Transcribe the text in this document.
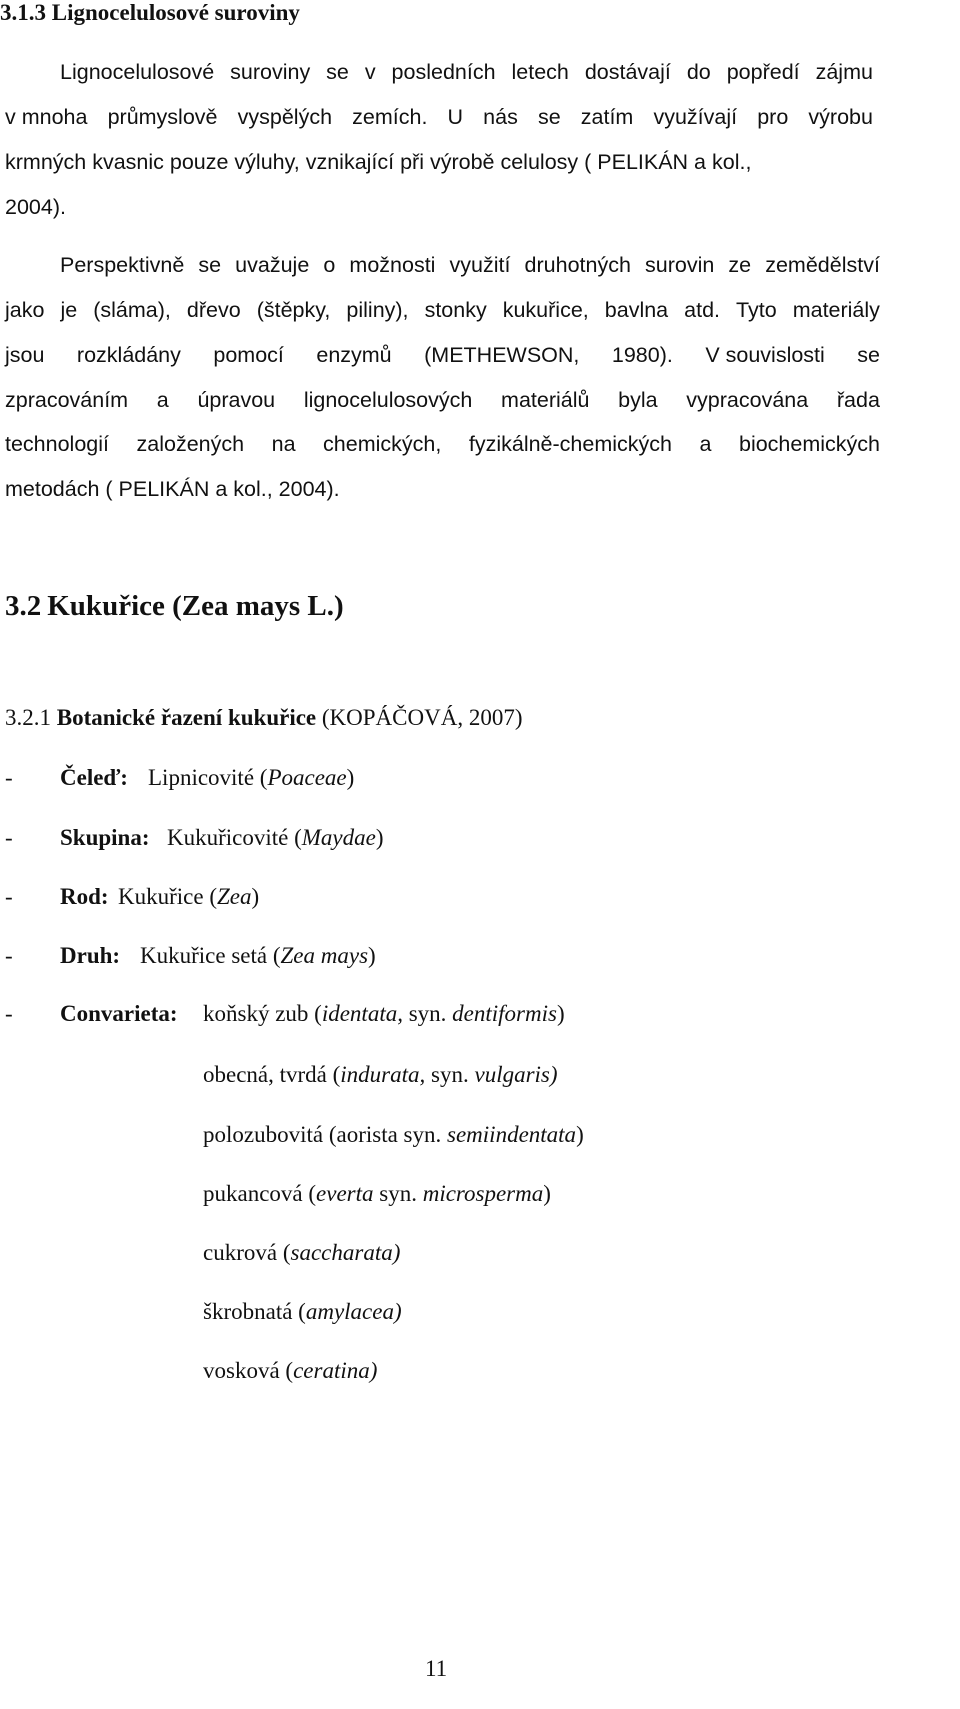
3.1.3 Lignocelulosové suroviny
Lignocelulosové suroviny se v posledních letech dostávají do popředí zájmu
v mnoha průmyslově vyspělých zemích. U nás se zatím využívají pro výrobu
krmných kvasnic pouze výluhy, vznikající při výrobě celulosy ( PELIKÁN a kol.,
2004).
Perspektivně se uvažuje o možnosti využití druhotných surovin ze zemědělství
jako je (sláma), dřevo (štěpky, piliny), stonky kukuřice, bavlna atd. Tyto materiály
jsou rozkládány pomocí enzymů (METHEWSON, 1980). V souvislosti se
zpracováním a úpravou lignocelulosových materiálů byla vypracována řada
technologií založených na chemických, fyzikálně-chemických a biochemických
metodách ( PELIKÁN a kol., 2004).
3.2 Kukuřice (Zea mays L.)
3.2.1 Botanické řazení kukuřice (KOPÁČOVÁ, 2007)
- Čeleď: Lipnicovité (Poaceae)
- Skupina: Kukuřicovité (Maydae)
- Rod: Kukuřice (Zea)
- Druh: Kukuřice setá (Zea mays)
- Convarieta: koňský zub (identata, syn. dentiformis)
obecná, tvrdá (indurata, syn. vulgaris)
polozubovitá (aorista syn. semiindentata)
pukancová (everta syn. microsperma)
cukrová (saccharata)
škrobnatá (amylacea)
vosková (ceratina)
11
